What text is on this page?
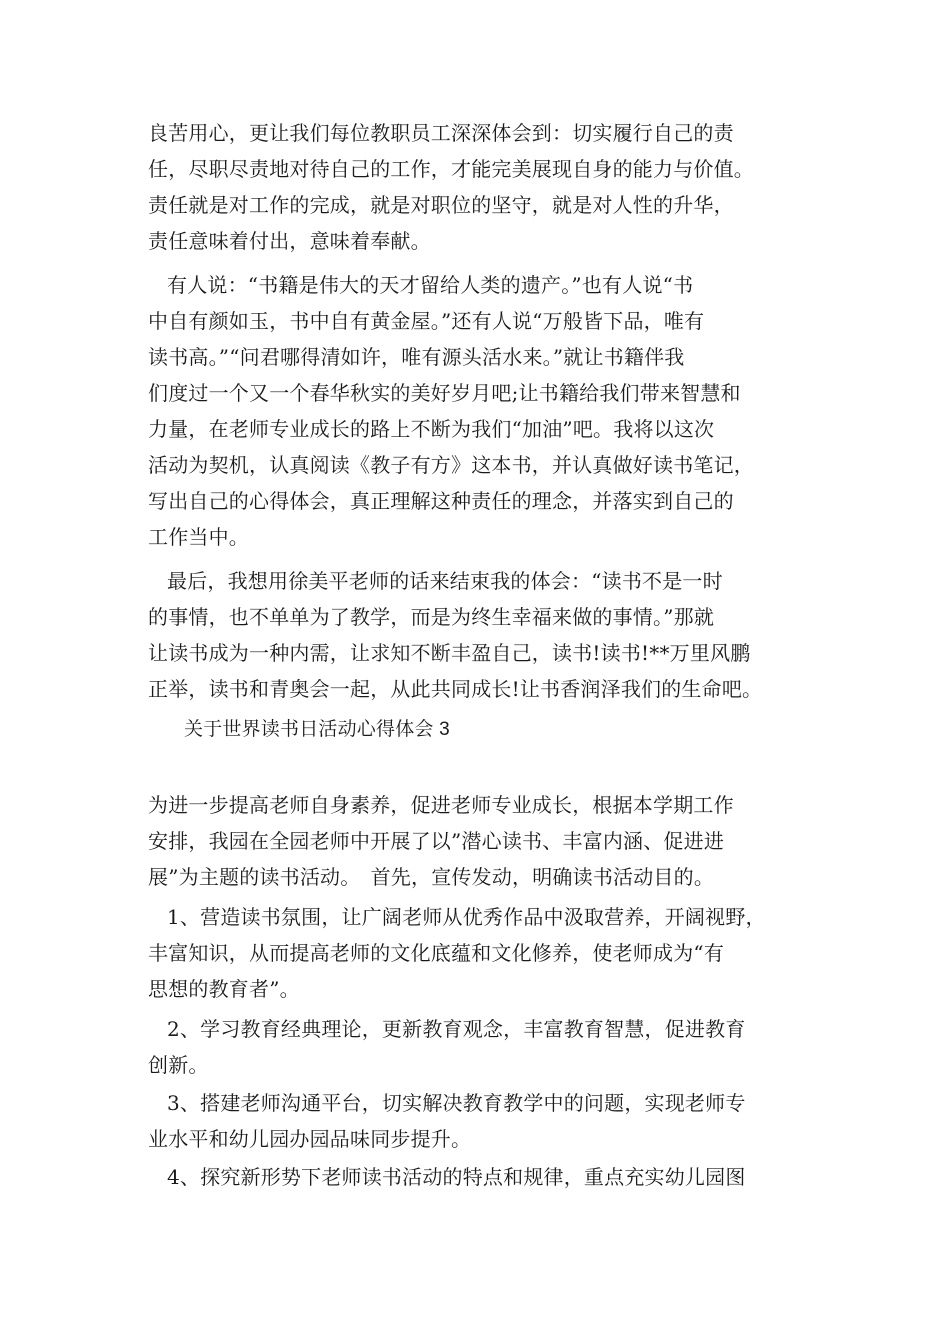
良苦用心，更让我们每位教职员工深深体会到：切实履行自己的责
任，尽职尽责地对待自己的工作，才能完美展现自身的能力与价值。
责任就是对工作的完成，就是对职位的坚守，就是对人性的升华，
责任意味着付出，意味着奉献。
有人说：“书籍是伟大的天才留给人类的遗产。”也有人说“书
中自有颜如玉，书中自有黄金屋。”还有人说“万般皆下品，唯有
读书高。”“问君哪得清如许，唯有源头活水来。”就让书籍伴我
们度过一个又一个春华秋实的美好岁月吧;让书籍给我们带来智慧和
力量，在老师专业成长的路上不断为我们“加油”吧。我将以这次
活动为契机，认真阅读《教子有方》这本书，并认真做好读书笔记，
写出自己的心得体会，真正理解这种责任的理念，并落实到自己的
工作当中。
最后，我想用徐美平老师的话来结束我的体会：“读书不是一时
的事情，也不单单为了教学，而是为终生幸福来做的事情。”那就
让读书成为一种内需，让求知不断丰盈自己，读书!读书!**万里风鹏
正举，读书和青奥会一起，从此共同成长!让书香润泽我们的生命吧。
关于世界读书日活动心得体会 3
为进一步提高老师自身素养，促进老师专业成长，根据本学期工作
安排，我园在全园老师中开展了以”潜心读书、丰富内涵、促进进
展”为主题的读书活动。　首先，宣传发动，明确读书活动目的。
1、营造读书氛围，让广阔老师从优秀作品中汲取营养，开阔视野，
丰富知识，从而提高老师的文化底蕴和文化修养，使老师成为“有
思想的教育者”。
2、学习教育经典理论，更新教育观念，丰富教育智慧，促进教育
创新。
3、搭建老师沟通平台，切实解决教育教学中的问题，实现老师专
业水平和幼儿园办园品味同步提升。
4、探究新形势下老师读书活动的特点和规律，重点充实幼儿园图
